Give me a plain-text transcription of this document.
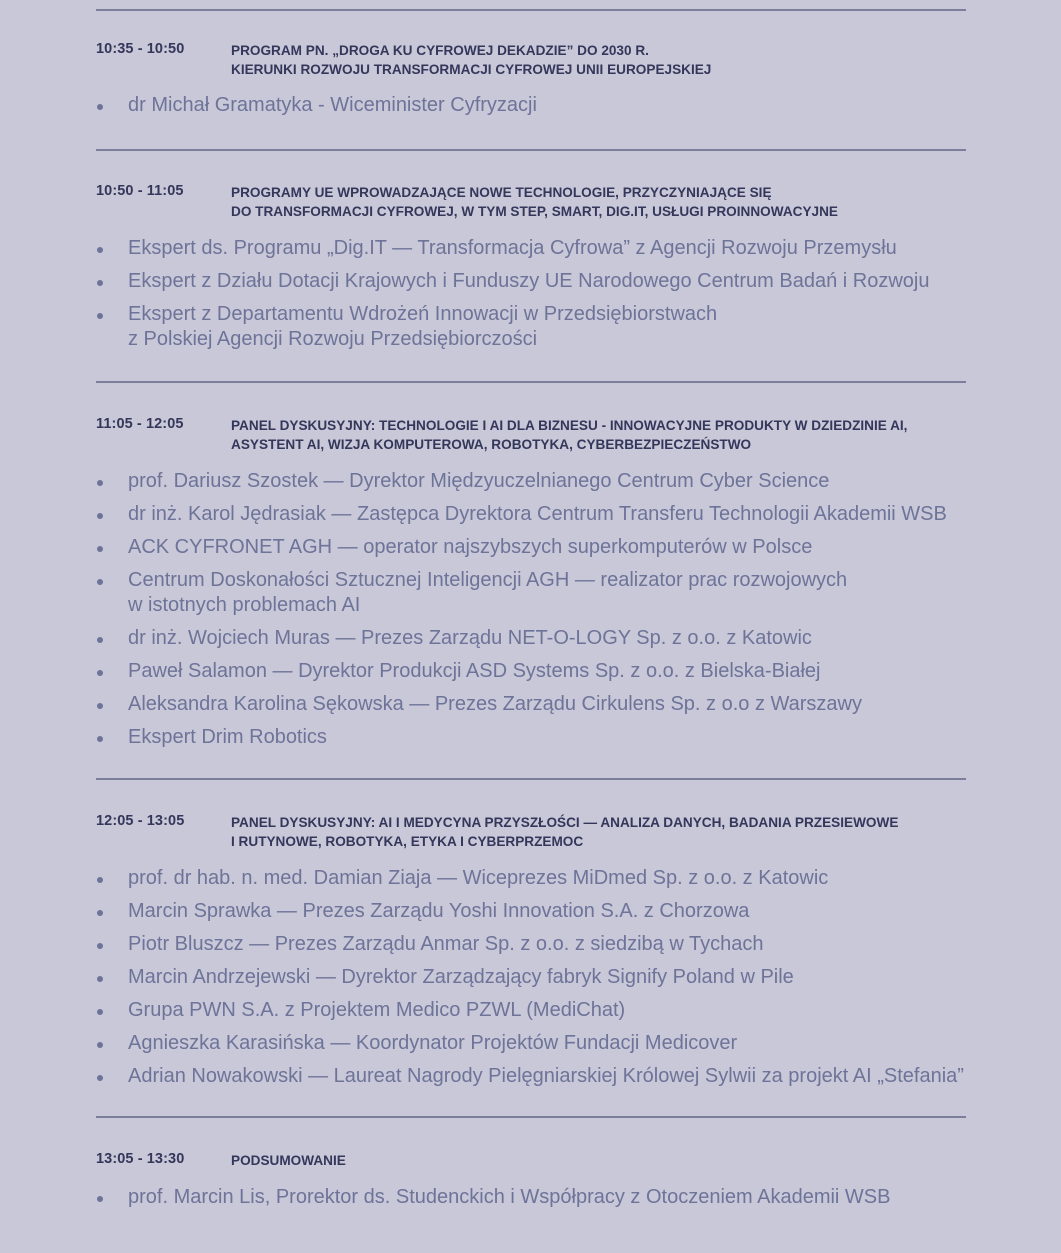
10:35 - 10:50	PROGRAM PN. „DROGA KU CYFROWEJ DEKADZIE” DO 2030 R.
KIERUNKI ROZWOJU TRANSFORMACJI CYFROWEJ UNII EUROPEJSKIEJ
dr Michał Gramatyka - Wiceminister Cyfryzacji
10:50 - 11:05	PROGRAMY UE WPROWADZAJĄCE NOWE TECHNOLOGIE, PRZYCZYNIAJĄCE SIĘ
DO TRANSFORMACJI CYFROWEJ, W TYM STEP, SMART, DIG.IT, USŁUGI PROINNOWACYJNE
Ekspert ds. Programu „Dig.IT — Transformacja Cyfrowa” z Agencji Rozwoju Przemysłu
Ekspert z Działu Dotacji Krajowych i Funduszy UE Narodowego Centrum Badań i Rozwoju
Ekspert z Departamentu Wdrożeń Innowacji w Przedsiębiorstwach
z Polskiej Agencji Rozwoju Przedsiębiorczości
11:05 - 12:05	PANEL DYSKUSYJNY: TECHNOLOGIE I AI DLA BIZNESU - INNOWACYJNE PRODUKTY W DZIEDZINIE AI,
ASYSTENT AI, WIZJA KOMPUTEROWA, ROBOTYKA, CYBERBEZPIECZEŃSTWO
prof. Dariusz Szostek — Dyrektor Międzyuczelnianego Centrum Cyber Science
dr inż. Karol Jędrasiak — Zastępca Dyrektora Centrum Transferu Technologii Akademii WSB
ACK CYFRONET AGH — operator najszybszych superkomputerów w Polsce
Centrum Doskonałości Sztucznej Inteligencji AGH — realizator prac rozwojowych
w istotnych problemach AI
dr inż. Wojciech Muras — Prezes Zarządu NET-O-LOGY Sp. z o.o. z Katowic
Paweł Salamon — Dyrektor Produkcji ASD Systems Sp. z o.o. z Bielska-Białej
Aleksandra Karolina Sękowska — Prezes Zarządu Cirkulens Sp. z o.o z Warszawy
Ekspert Drim Robotics
12:05 - 13:05	PANEL DYSKUSYJNY: AI I MEDYCYNA PRZYSZŁOŚCI — ANALIZA DANYCH, BADANIA PRZESIEWOWE
I RUTYNOWE, ROBOTYKA, ETYKA I CYBERPRZEMOC
prof. dr hab. n. med. Damian Ziaja — Wiceprezes MiDmed Sp. z o.o. z Katowic
Marcin Sprawka — Prezes Zarządu Yoshi Innovation S.A. z Chorzowa
Piotr Bluszcz — Prezes Zarządu Anmar Sp. z o.o. z siedzibą w Tychach
Marcin Andrzejewski — Dyrektor Zarządzający fabryk Signify Poland w Pile
Grupa PWN S.A. z Projektem Medico PZWL (MediChat)
Agnieszka Karasińska — Koordynator Projektów Fundacji Medicover
Adrian Nowakowski — Laureat Nagrody Pielęgniarskiej Królowej Sylwii za projekt AI „Stefania”
13:05 - 13:30	PODSUMOWANIE
prof. Marcin Lis, Prorektor ds. Studenckich i Współpracy z Otoczeniem Akademii WSB
